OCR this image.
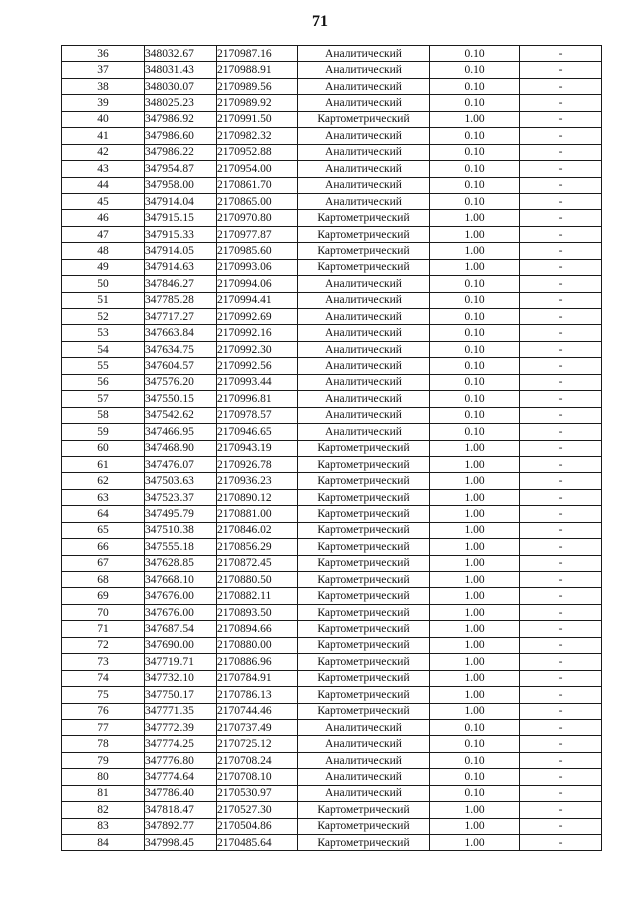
71
36	348032.67	2170987.16	Аналитический	0.10	-
37	348031.43	2170988.91	Аналитический	0.10	-
38	348030.07	2170989.56	Аналитический	0.10	-
39	348025.23	2170989.92	Аналитический	0.10	-
40	347986.92	2170991.50	Картометрический	1.00	-
41	347986.60	2170982.32	Аналитический	0.10	-
42	347986.22	2170952.88	Аналитический	0.10	-
43	347954.87	2170954.00	Аналитический	0.10	-
44	347958.00	2170861.70	Аналитический	0.10	-
45	347914.04	2170865.00	Аналитический	0.10	-
46	347915.15	2170970.80	Картометрический	1.00	-
47	347915.33	2170977.87	Картометрический	1.00	-
48	347914.05	2170985.60	Картометрический	1.00	-
49	347914.63	2170993.06	Картометрический	1.00	-
50	347846.27	2170994.06	Аналитический	0.10	-
51	347785.28	2170994.41	Аналитический	0.10	-
52	347717.27	2170992.69	Аналитический	0.10	-
53	347663.84	2170992.16	Аналитический	0.10	-
54	347634.75	2170992.30	Аналитический	0.10	-
55	347604.57	2170992.56	Аналитический	0.10	-
56	347576.20	2170993.44	Аналитический	0.10	-
57	347550.15	2170996.81	Аналитический	0.10	-
58	347542.62	2170978.57	Аналитический	0.10	-
59	347466.95	2170946.65	Аналитический	0.10	-
60	347468.90	2170943.19	Картометрический	1.00	-
61	347476.07	2170926.78	Картометрический	1.00	-
62	347503.63	2170936.23	Картометрический	1.00	-
63	347523.37	2170890.12	Картометрический	1.00	-
64	347495.79	2170881.00	Картометрический	1.00	-
65	347510.38	2170846.02	Картометрический	1.00	-
66	347555.18	2170856.29	Картометрический	1.00	-
67	347628.85	2170872.45	Картометрический	1.00	-
68	347668.10	2170880.50	Картометрический	1.00	-
69	347676.00	2170882.11	Картометрический	1.00	-
70	347676.00	2170893.50	Картометрический	1.00	-
71	347687.54	2170894.66	Картометрический	1.00	-
72	347690.00	2170880.00	Картометрический	1.00	-
73	347719.71	2170886.96	Картометрический	1.00	-
74	347732.10	2170784.91	Картометрический	1.00	-
75	347750.17	2170786.13	Картометрический	1.00	-
76	347771.35	2170744.46	Картометрический	1.00	-
77	347772.39	2170737.49	Аналитический	0.10	-
78	347774.25	2170725.12	Аналитический	0.10	-
79	347776.80	2170708.24	Аналитический	0.10	-
80	347774.64	2170708.10	Аналитический	0.10	-
81	347786.40	2170530.97	Аналитический	0.10	-
82	347818.47	2170527.30	Картометрический	1.00	-
83	347892.77	2170504.86	Картометрический	1.00	-
84	347998.45	2170485.64	Картометрический	1.00	-
